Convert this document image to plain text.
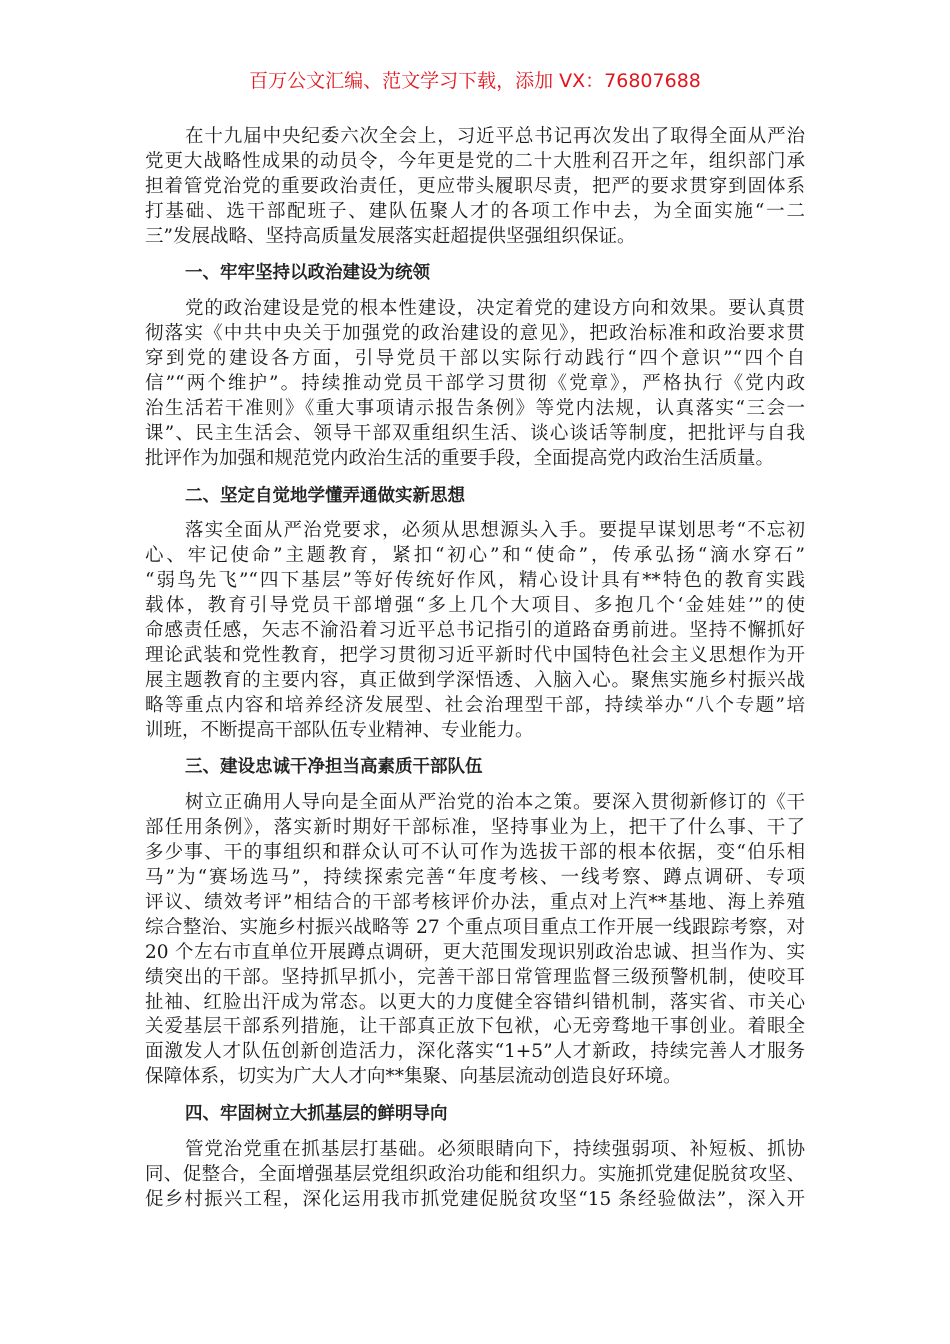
百万公文汇编、范文学习下载，添加 VX：76807688
在十九届中央纪委六次全会上，习近平总书记再次发出了取得全面从严治
党更大战略性成果的动员令，今年更是党的二十大胜利召开之年，组织部门承
担着管党治党的重要政治责任，更应带头履职尽责，把严的要求贯穿到固体系
打基础、选干部配班子、建队伍聚人才的各项工作中去，为全面实施“一二
三”发展战略、坚持高质量发展落实赶超提供坚强组织保证。
一、牢牢坚持以政治建设为统领
党的政治建设是党的根本性建设，决定着党的建设方向和效果。要认真贯
彻落实《中共中央关于加强党的政治建设的意见》，把政治标准和政治要求贯
穿到党的建设各方面，引导党员干部以实际行动践行“四个意识”“四个自
信”“两个维护”。持续推动党员干部学习贯彻《党章》，严格执行《党内政
治生活若干准则》《重大事项请示报告条例》等党内法规，认真落实“三会一
课”、民主生活会、领导干部双重组织生活、谈心谈话等制度，把批评与自我
批评作为加强和规范党内政治生活的重要手段，全面提高党内政治生活质量。
二、坚定自觉地学懂弄通做实新思想
落实全面从严治党要求，必须从思想源头入手。要提早谋划思考“不忘初
心、牢记使命”主题教育，紧扣“初心”和“使命”，传承弘扬“滴水穿石”
“弱鸟先飞”“四下基层”等好传统好作风，精心设计具有**特色的教育实践
载体，教育引导党员干部增强“多上几个大项目、多抱几个‘金娃娃’”的使
命感责任感，矢志不渝沿着习近平总书记指引的道路奋勇前进。坚持不懈抓好
理论武装和党性教育，把学习贯彻习近平新时代中国特色社会主义思想作为开
展主题教育的主要内容，真正做到学深悟透、入脑入心。聚焦实施乡村振兴战
略等重点内容和培养经济发展型、社会治理型干部，持续举办“八个专题”培
训班，不断提高干部队伍专业精神、专业能力。
三、建设忠诚干净担当高素质干部队伍
树立正确用人导向是全面从严治党的治本之策。要深入贯彻新修订的《干
部任用条例》，落实新时期好干部标准，坚持事业为上，把干了什么事、干了
多少事、干的事组织和群众认可不认可作为选拔干部的根本依据，变“伯乐相
马”为“赛场选马”，持续探索完善“年度考核、一线考察、蹲点调研、专项
评议、绩效考评”相结合的干部考核评价办法，重点对上汽**基地、海上养殖
综合整治、实施乡村振兴战略等 27 个重点项目重点工作开展一线跟踪考察，对
20 个左右市直单位开展蹲点调研，更大范围发现识别政治忠诚、担当作为、实
绩突出的干部。坚持抓早抓小，完善干部日常管理监督三级预警机制，使咬耳
扯袖、红脸出汗成为常态。以更大的力度健全容错纠错机制，落实省、市关心
关爱基层干部系列措施，让干部真正放下包袱，心无旁骛地干事创业。着眼全
面激发人才队伍创新创造活力，深化落实“1+5”人才新政，持续完善人才服务
保障体系，切实为广大人才向**集聚、向基层流动创造良好环境。
四、牢固树立大抓基层的鲜明导向
管党治党重在抓基层打基础。必须眼睛向下，持续强弱项、补短板、抓协
同、促整合，全面增强基层党组织政治功能和组织力。实施抓党建促脱贫攻坚、
促乡村振兴工程，深化运用我市抓党建促脱贫攻坚“15 条经验做法”，深入开
